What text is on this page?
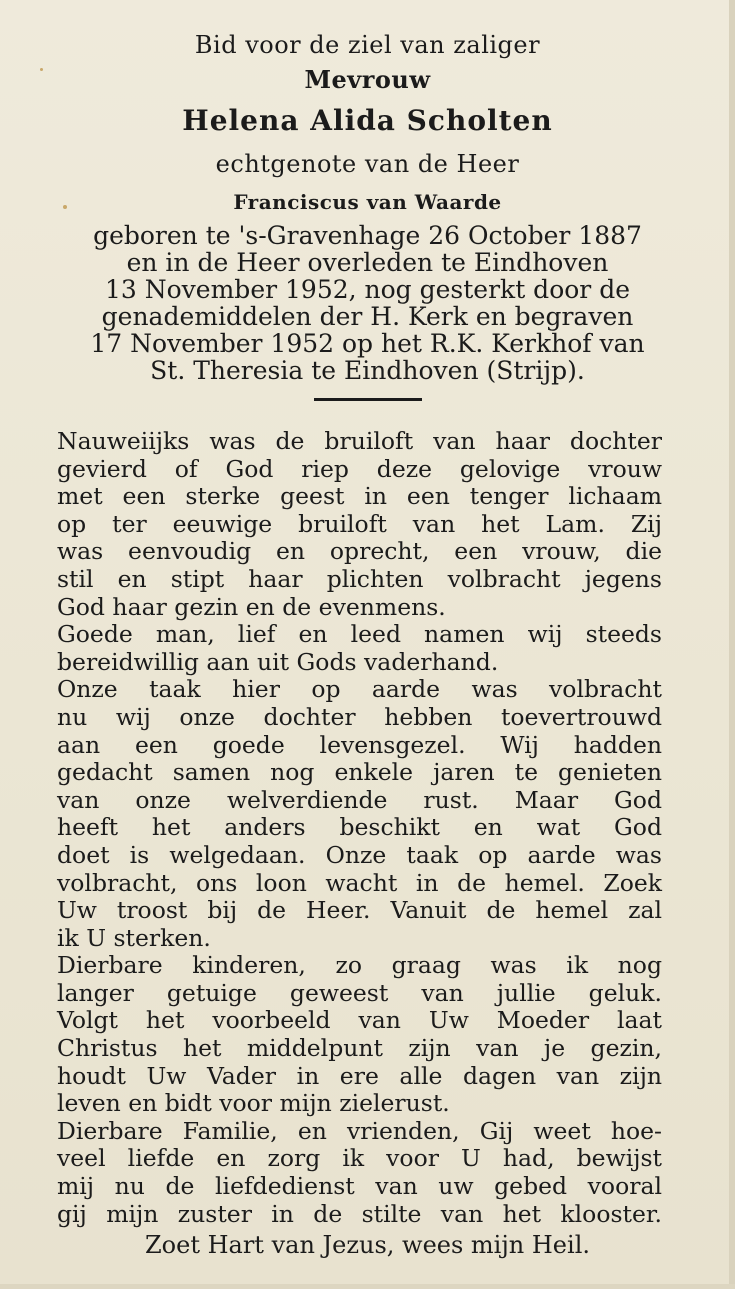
Bid voor de ziel van zaliger
Mevrouw
Helena Alida Scholten
echtgenote van de Heer
Franciscus van Waarde
geboren te 's-Gravenhage 26 October 1887
en in de Heer overleden te Eindhoven
13 November 1952, nog gesterkt door de
genademiddelen der H. Kerk en begraven
17 November 1952 op het R.K. Kerkhof van
St. Theresia te Eindhoven (Strijp).
Nauweiijks was de bruiloft van haar dochter
gevierd of God riep deze gelovige vrouw
met een sterke geest in een tenger lichaam
op ter eeuwige bruiloft van het Lam. Zij
was eenvoudig en oprecht, een vrouw, die
stil en stipt haar plichten volbracht jegens
God haar gezin en de evenmens.
Goede man, lief en leed namen wij steeds
bereidwillig aan uit Gods vaderhand.
Onze taak hier op aarde was volbracht
nu wij onze dochter hebben toevertrouwd
aan een goede levensgezel. Wij hadden
gedacht samen nog enkele jaren te genieten
van onze welverdiende rust. Maar God
heeft het anders beschikt en wat God
doet is welgedaan. Onze taak op aarde was
volbracht, ons loon wacht in de hemel. Zoek
Uw troost bij de Heer. Vanuit de hemel zal
ik U sterken.
Dierbare kinderen, zo graag was ik nog
langer getuige geweest van jullie geluk.
Volgt het voorbeeld van Uw Moeder laat
Christus het middelpunt zijn van je gezin,
houdt Uw Vader in ere alle dagen van zijn
leven en bidt voor mijn zielerust.
Dierbare Familie, en vrienden, Gij weet hoe-
veel liefde en zorg ik voor U had, bewijst
mij nu de liefdedienst van uw gebed vooral
gij mijn zuster in de stilte van het klooster.
Zoet Hart van Jezus, wees mijn Heil.
